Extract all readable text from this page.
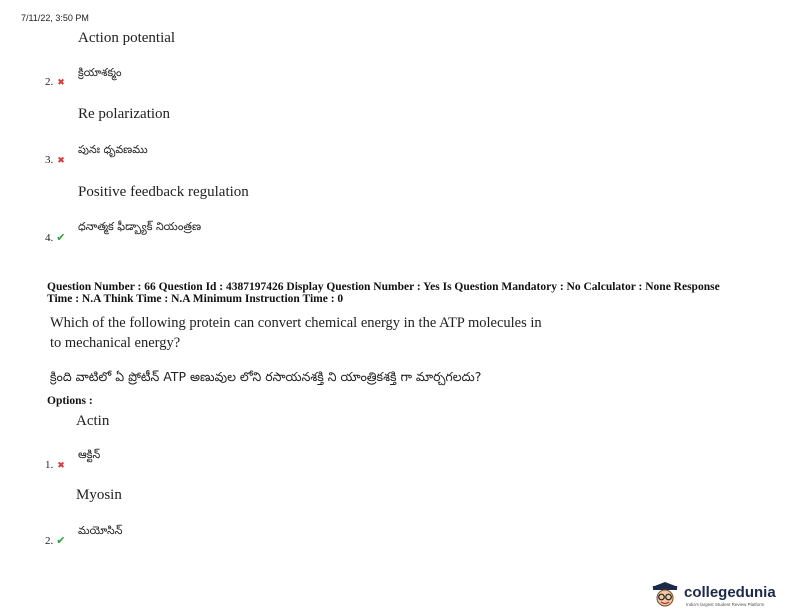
7/11/22, 3:50 PM
Action potential
2. ✖
క్రియాశక్మం
Re polarization
3. ✖
పునః ధృవణము
Positive feedback regulation
4. ✔
ధనాత్మక ఫీడ్బ్యాక్ నియంత్రణ
Question Number : 66 Question Id : 4387197426 Display Question Number : Yes Is Question Mandatory : No Calculator : None Response
Time : N.A Think Time : N.A Minimum Instruction Time : 0
Which of the following protein can convert chemical energy in the ATP molecules in
to mechanical energy?
క్రింది వాటిలో ఏ ప్రోటీన్ ATP అణువుల లోని రసాయనశక్తి ని యాంత్రికశక్తి గా మార్చగలదు?
Options :
Actin
1. ✖
ఆక్టిన్
Myosin
2. ✔
మయోసిన్
collegedunia
India's largest Student Review Platform
